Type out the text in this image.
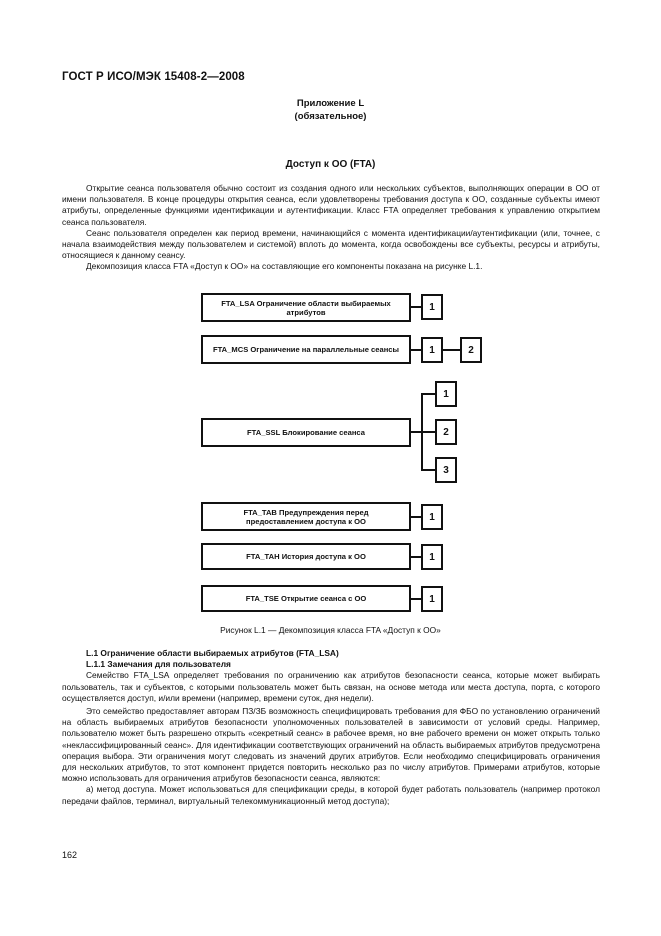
ГОСТ Р ИСО/МЭК 15408-2—2008
Приложение L
(обязательное)
Доступ к ОО (FTA)

Открытие сеанса пользователя обычно состоит из создания одного или нескольких субъектов, выполняющих операции в ОО от имени пользователя. В конце процедуры открытия сеанса, если удовлетворены требования доступа к ОО, созданные субъекты имеют атрибуты, определенные функциями идентификации и аутентификации. Класс FTA определяет требования к управлению открытием сеанса пользователя.

Сеанс пользователя определен как период времени, начинающийся с момента идентификации/аутентификации (или, точнее, с начала взаимодействия между пользователем и системой) вплоть до момента, когда освобождены все субъекты, ресурсы и атрибуты, относящиеся к данному сеансу.

Декомпозиция класса FTA «Доступ к ОО» на составляющие его компоненты показана на рисунке L.1.

FTA_LSA Ограничение области выбираемых атрибутов	1
FTA_MCS Ограничение на параллельные сеансы	1	2
FTA_SSL Блокирование сеанса
1
2
3
FTA_TAB Предупреждения перед предоставлением доступа к ОО	1
FTA_TAH История доступа к ОО	1
FTA_TSE Открытие сеанса с ОО	1
Рисунок L.1 — Декомпозиция класса FTA «Доступ к ОО»

L.1 Ограничение области выбираемых атрибутов (FTA_LSA)

L.1.1 Замечания для пользователя

Семейство FTA_LSA определяет требования по ограничению как атрибутов безопасности сеанса, которые может выбирать пользователь, так и субъектов, с которыми пользователь может быть связан, на основе метода или места доступа, порта, с которого осуществляется доступ, и/или времени (например, времени суток, дня недели).

Это семейство предоставляет авторам ПЗ/ЗБ возможность специфицировать требования для ФБО по установлению ограничений на область выбираемых атрибутов безопасности уполномоченных пользователей в зависимости от условий среды. Например, пользователю может быть разрешено открыть «секретный сеанс» в рабочее время, но вне рабочего времени он может открыть только «неклассифицированный сеанс». Для идентификации соответствующих ограничений на область выбираемых атрибутов предусмотрена операция выбора. Эти ограничения могут следовать из значений других атрибутов. Если необходимо специфицировать ограничения для нескольких атрибутов, то этот компонент придется повторить несколько раз по числу атрибутов. Примерами атрибутов, которые можно использовать для ограничения атрибутов безопасности сеанса, являются:

а) метод доступа. Может использоваться для спецификации среды, в которой будет работать пользователь (например протокол передачи файлов, терминал, виртуальный телекоммуникационный метод доступа);

162
